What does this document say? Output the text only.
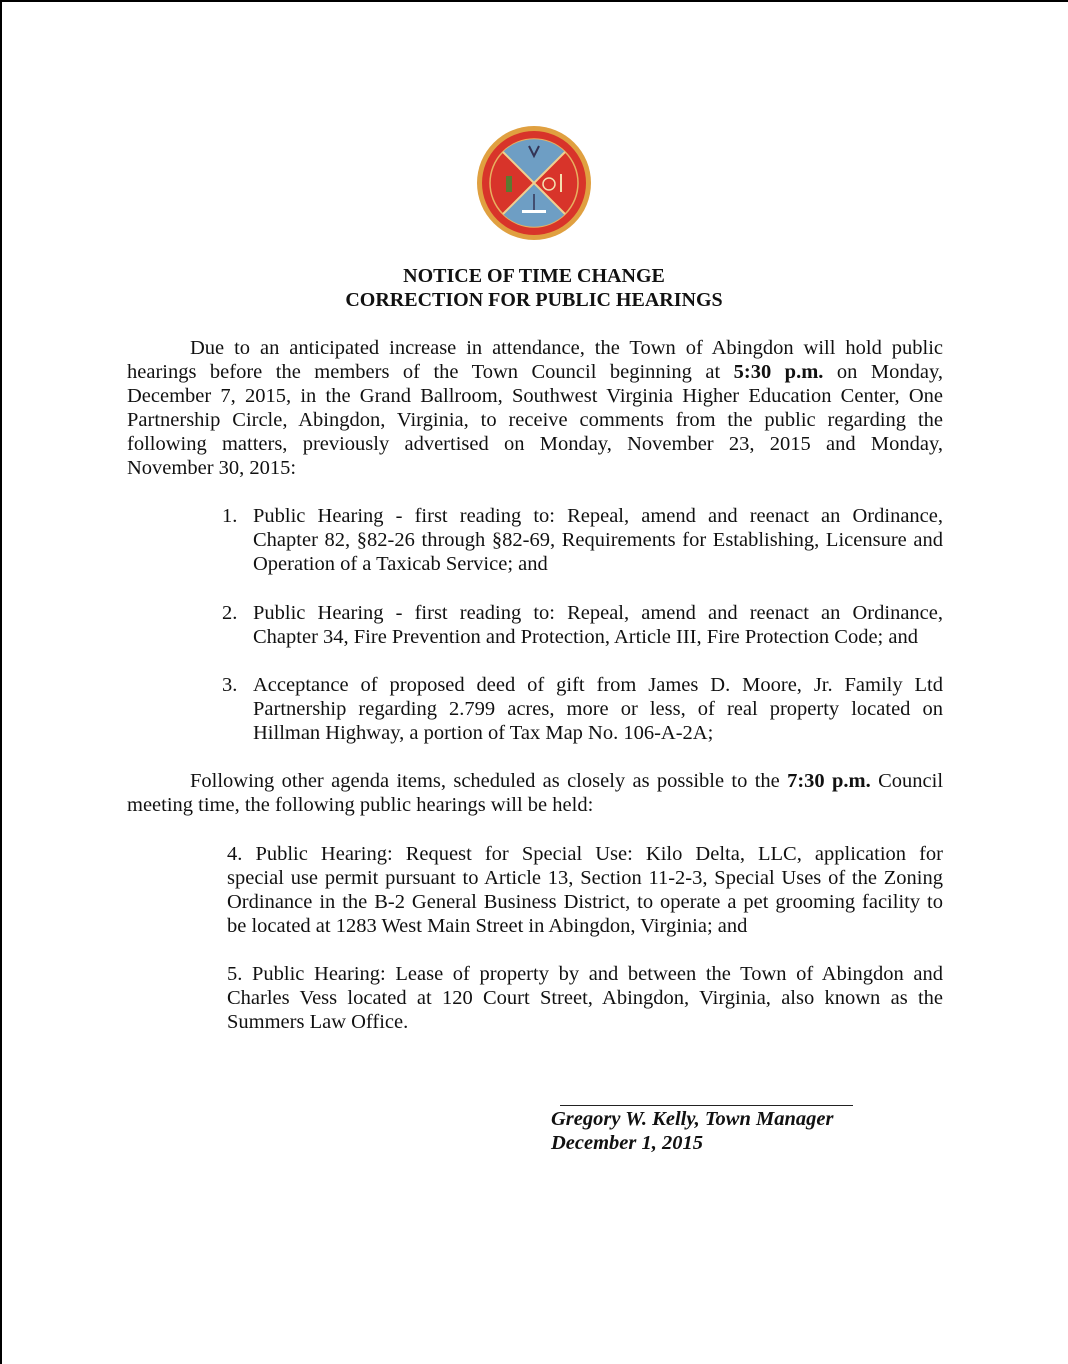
NOTICE OF TIME CHANGE
CORRECTION FOR PUBLIC HEARINGS
Due to an anticipated increase in attendance, the Town of Abingdon will hold public
hearings before the members of the Town Council beginning at 5:30 p.m. on Monday,
December 7, 2015, in the Grand Ballroom, Southwest Virginia Higher Education Center, One
Partnership Circle, Abingdon, Virginia, to receive comments from the public regarding the
following matters, previously advertised on Monday, November 23, 2015 and Monday,
November 30, 2015:
1. Public Hearing - first reading to: Repeal, amend and reenact an Ordinance,
Chapter 82, §82-26 through §82-69, Requirements for Establishing, Licensure and
Operation of a Taxicab Service; and
2. Public Hearing - first reading to: Repeal, amend and reenact an Ordinance,
Chapter 34, Fire Prevention and Protection, Article III, Fire Protection Code; and
3. Acceptance of proposed deed of gift from James D. Moore, Jr. Family Ltd
Partnership regarding 2.799 acres, more or less, of real property located on
Hillman Highway, a portion of Tax Map No. 106-A-2A;
Following other agenda items, scheduled as closely as possible to the 7:30 p.m. Council
meeting time, the following public hearings will be held:
4. Public Hearing: Request for Special Use: Kilo Delta, LLC, application for
special use permit pursuant to Article 13, Section 11-2-3, Special Uses of the Zoning
Ordinance in the B-2 General Business District, to operate a pet grooming facility to
be located at 1283 West Main Street in Abingdon, Virginia; and
5. Public Hearing: Lease of property by and between the Town of Abingdon and
Charles Vess located at 120 Court Street, Abingdon, Virginia, also known as the
Summers Law Office.
Gregory W. Kelly, Town Manager
December 1, 2015
